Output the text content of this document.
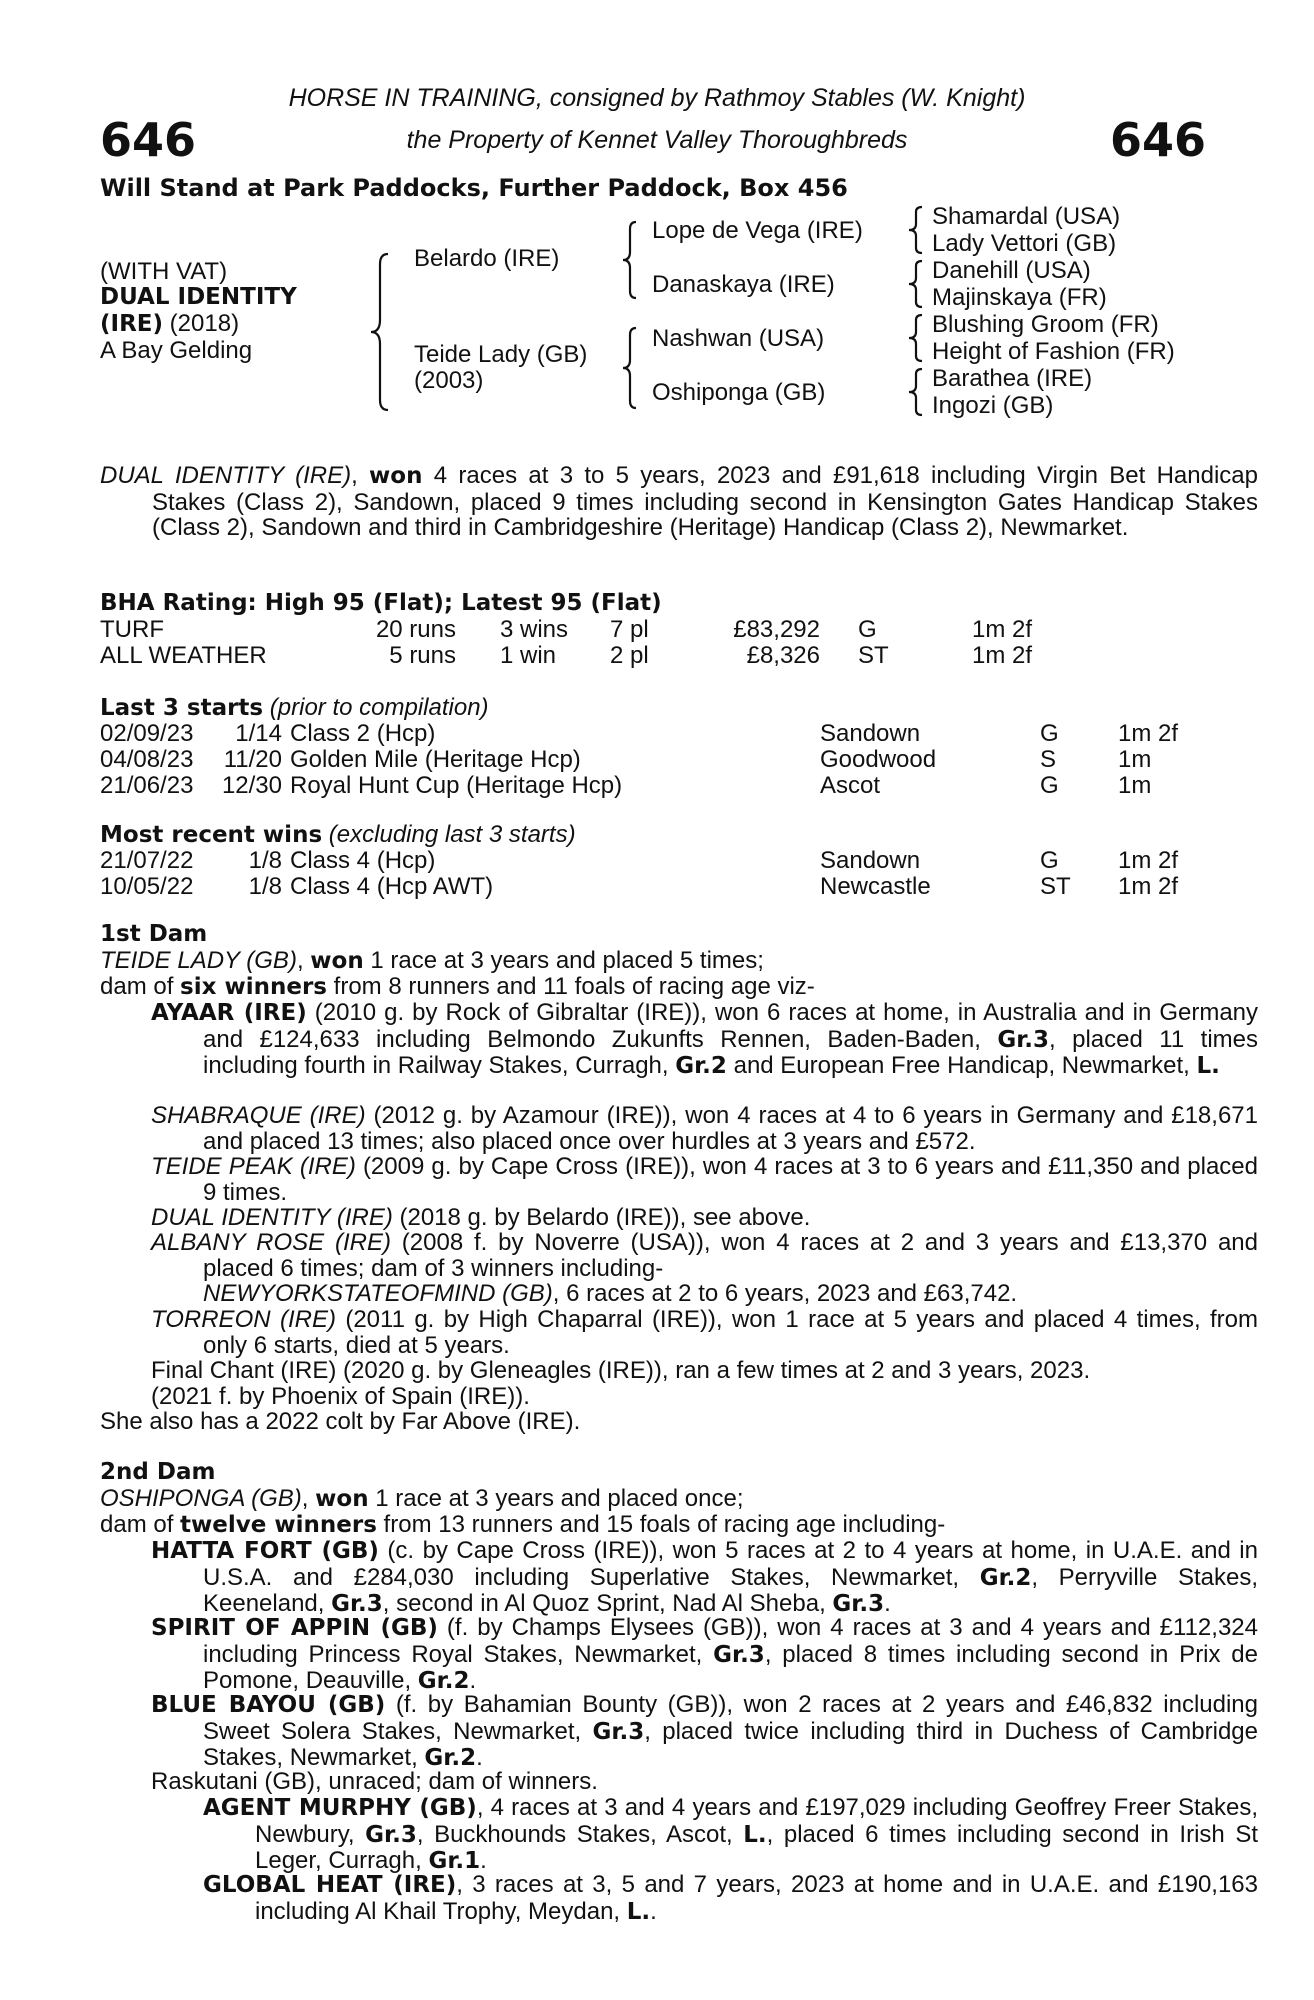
646	646
HORSE IN TRAINING, consigned by Rathmoy Stables (W. Knight)
the Property of Kennet Valley Thoroughbreds
Will Stand at Park Paddocks, Further Paddock, Box 456
(WITH VAT)
DUAL IDENTITY
(IRE) (2018)
A Bay Gelding
Belardo (IRE)
Teide Lady (GB)
(2003)
Lope de Vega (IRE)
Danaskaya (IRE)
Nashwan (USA)
Oshiponga (GB)
Shamardal (USA)
Lady Vettori (GB)
Danehill (USA)
Majinskaya (FR)
Blushing Groom (FR)
Height of Fashion (FR)
Barathea (IRE)
Ingozi (GB)
DUAL IDENTITY (IRE), won 4 races at 3 to 5 years, 2023 and £91,618 including Virgin Bet Handicap Stakes (Class 2), Sandown, placed 9 times including second in Kensington Gates Handicap Stakes (Class 2), Sandown and third in Cambridgeshire (Heritage) Handicap (Class 2), Newmarket.
BHA Rating: High 95 (Flat); Latest 95 (Flat)
TURF	20 runs 3 wins 7 pl	£83,292 G	1m 2f
ALL WEATHER	5 runs 1 win 2 pl	£8,326 ST	1m 2f
Last 3 starts (prior to compilation)
02/09/23	1/14 Class 2 (Hcp)	Sandown	G 1m 2f
04/08/23	11/20 Golden Mile (Heritage Hcp)	Goodwood	S	1m
21/06/23	12/30 Royal Hunt Cup (Heritage Hcp)	Ascot	G 1m
Most recent wins (excluding last 3 starts)
21/07/22	1/8 Class 4 (Hcp)	Sandown	G 1m 2f
10/05/22	1/8 Class 4 (Hcp AWT)	Newcastle	ST 1m 2f
1st Dam
TEIDE LADY (GB), won 1 race at 3 years and placed 5 times;
dam of six winners from 8 runners and 11 foals of racing age viz-
AYAAR (IRE) (2010 g. by Rock of Gibraltar (IRE)), won 6 races at home, in Australia and in Germany and £124,633 including Belmondo Zukunfts Rennen, Baden-Baden, Gr.3, placed 11 times including fourth in Railway Stakes, Curragh, Gr.2 and European Free Handicap, Newmarket, L.
SHABRAQUE (IRE) (2012 g. by Azamour (IRE)), won 4 races at 4 to 6 years in Germany and £18,671 and placed 13 times; also placed once over hurdles at 3 years and £572.
TEIDE PEAK (IRE) (2009 g. by Cape Cross (IRE)), won 4 races at 3 to 6 years and £11,350 and placed 9 times.
DUAL IDENTITY (IRE) (2018 g. by Belardo (IRE)), see above.
ALBANY ROSE (IRE) (2008 f. by Noverre (USA)), won 4 races at 2 and 3 years and £13,370 and placed 6 times; dam of 3 winners including-
NEWYORKSTATEOFMIND (GB), 6 races at 2 to 6 years, 2023 and £63,742.
TORREON (IRE) (2011 g. by High Chaparral (IRE)), won 1 race at 5 years and placed 4 times, from only 6 starts, died at 5 years.
Final Chant (IRE) (2020 g. by Gleneagles (IRE)), ran a few times at 2 and 3 years, 2023.
(2021 f. by Phoenix of Spain (IRE)).
She also has a 2022 colt by Far Above (IRE).
2nd Dam
OSHIPONGA (GB), won 1 race at 3 years and placed once;
dam of twelve winners from 13 runners and 15 foals of racing age including-
HATTA FORT (GB) (c. by Cape Cross (IRE)), won 5 races at 2 to 4 years at home, in U.A.E. and in U.S.A. and £284,030 including Superlative Stakes, Newmarket, Gr.2, Perryville Stakes, Keeneland, Gr.3, second in Al Quoz Sprint, Nad Al Sheba, Gr.3.
SPIRIT OF APPIN (GB) (f. by Champs Elysees (GB)), won 4 races at 3 and 4 years and £112,324 including Princess Royal Stakes, Newmarket, Gr.3, placed 8 times including second in Prix de Pomone, Deauville, Gr.2.
BLUE BAYOU (GB) (f. by Bahamian Bounty (GB)), won 2 races at 2 years and £46,832 including Sweet Solera Stakes, Newmarket, Gr.3, placed twice including third in Duchess of Cambridge Stakes, Newmarket, Gr.2.
Raskutani (GB), unraced; dam of winners.
AGENT MURPHY (GB), 4 races at 3 and 4 years and £197,029 including Geoffrey Freer Stakes, Newbury, Gr.3, Buckhounds Stakes, Ascot, L., placed 6 times including second in Irish St Leger, Curragh, Gr.1.
GLOBAL HEAT (IRE), 3 races at 3, 5 and 7 years, 2023 at home and in U.A.E. and £190,163 including Al Khail Trophy, Meydan, L..
